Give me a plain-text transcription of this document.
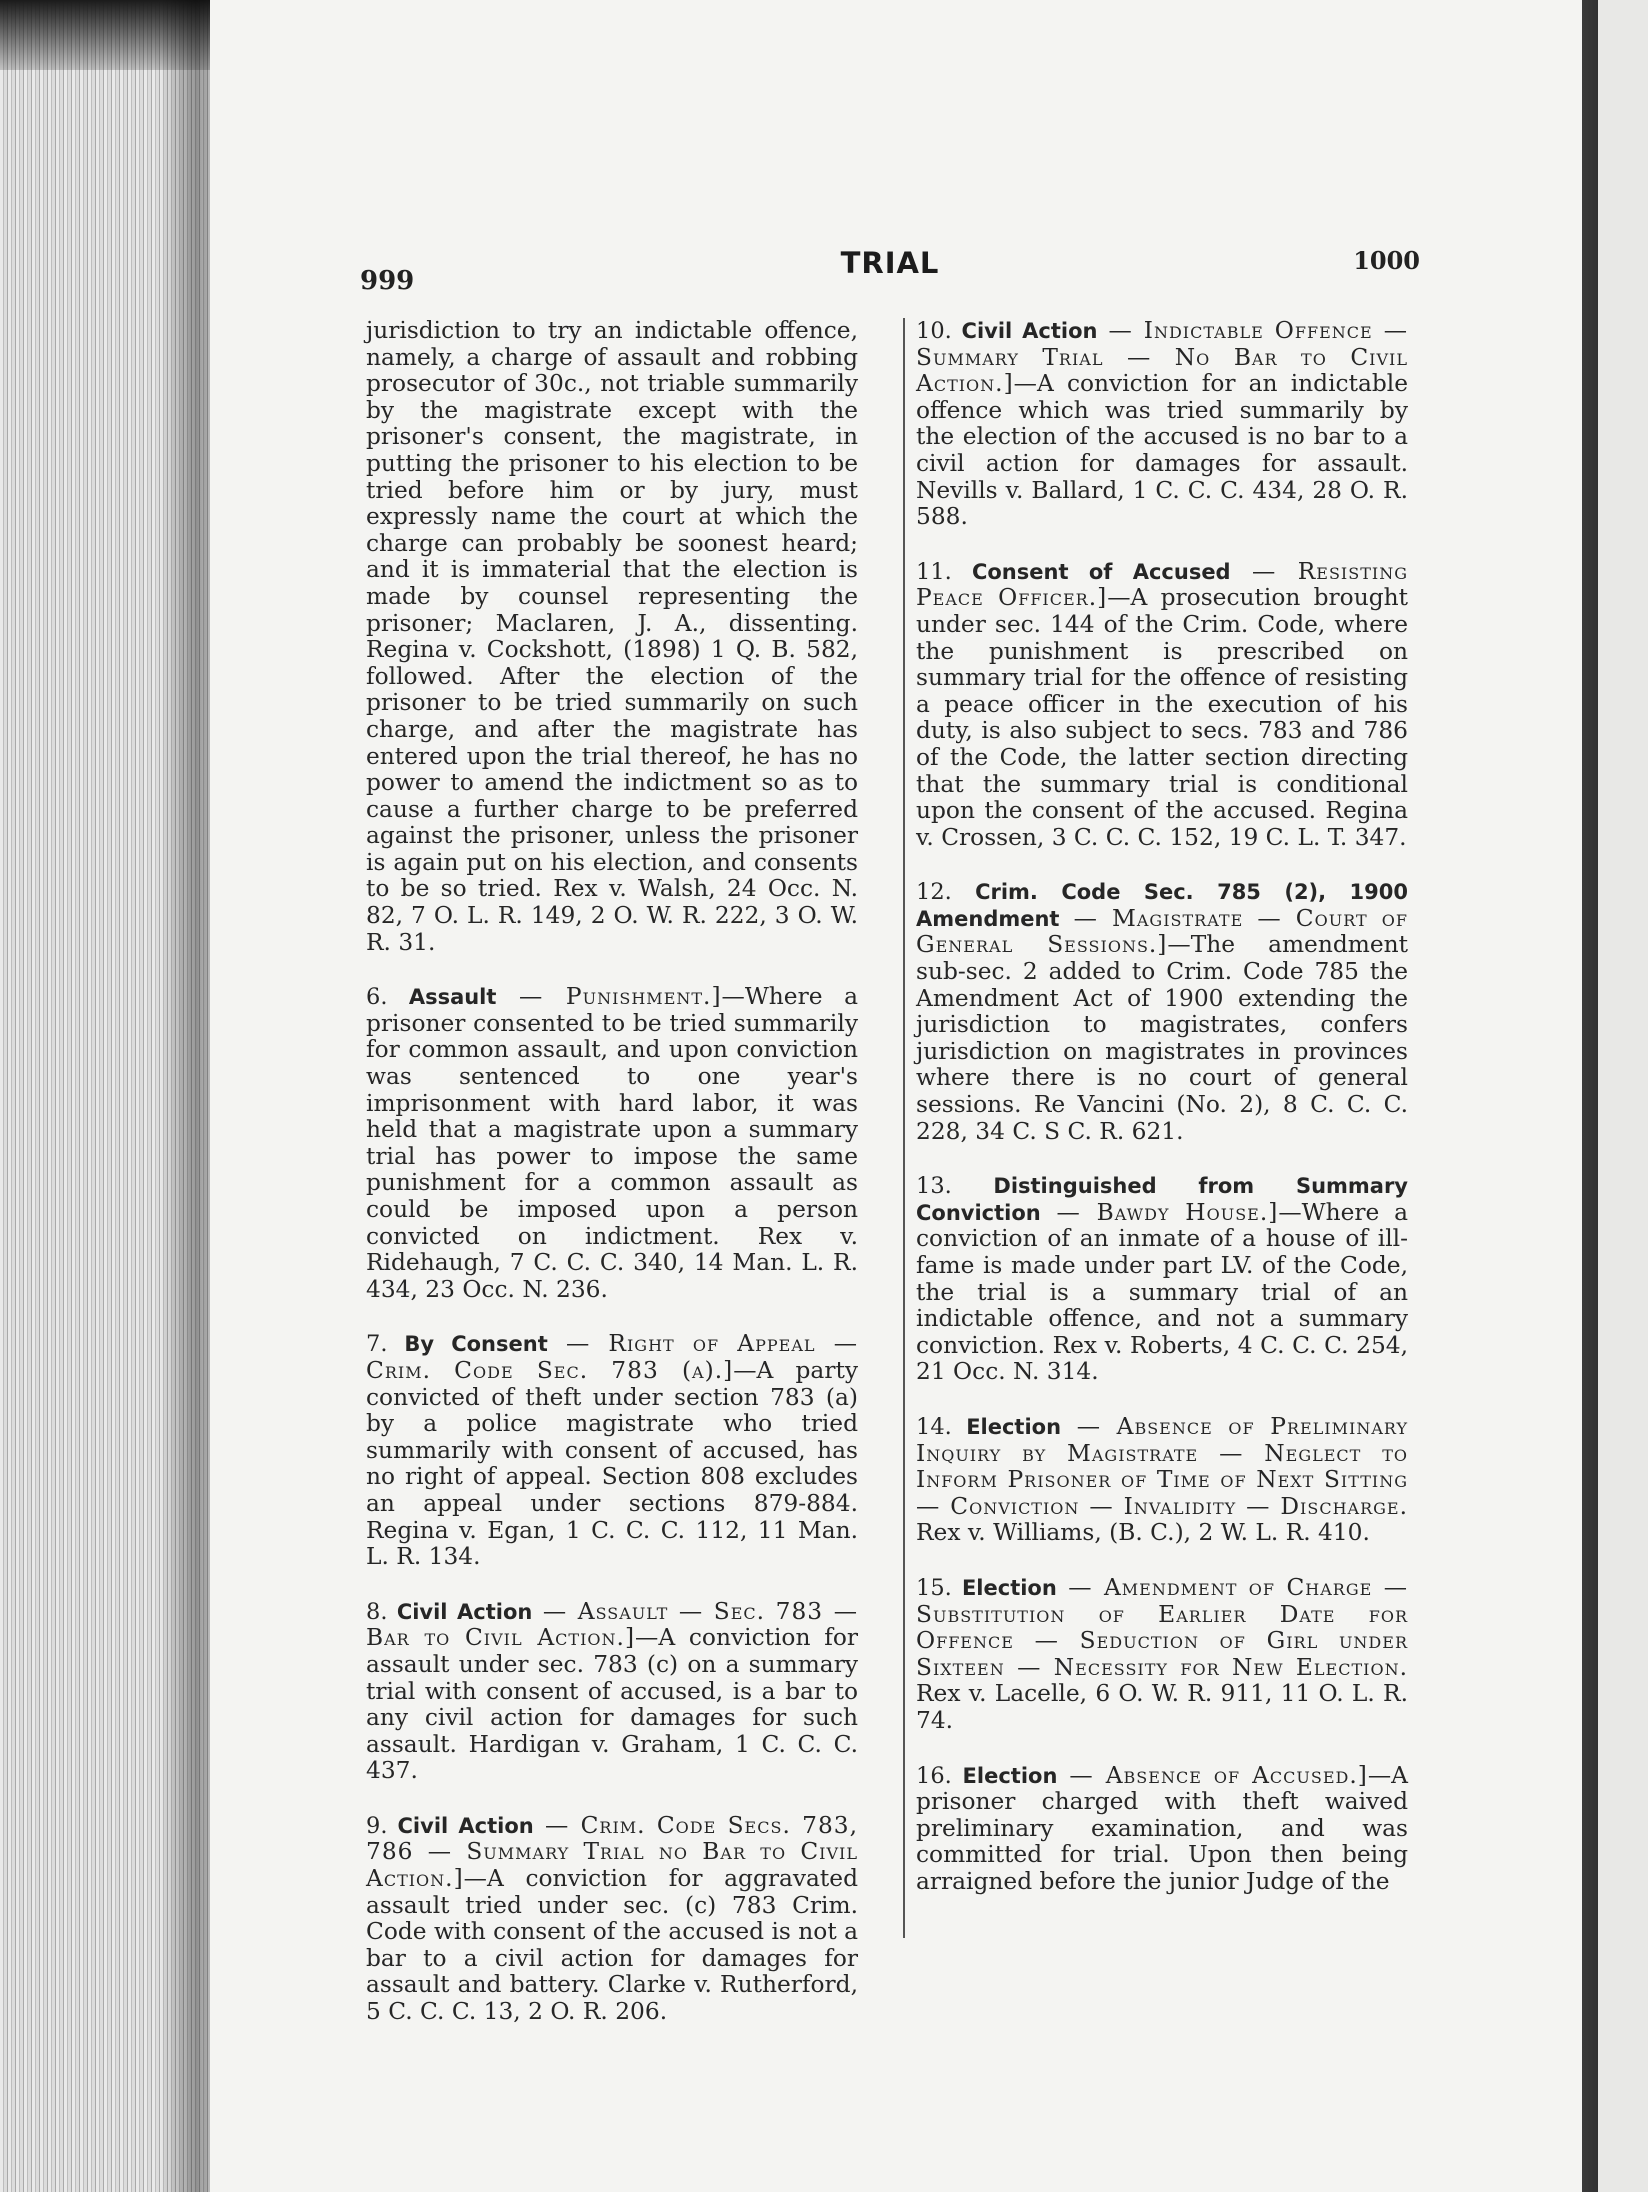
999
TRIAL	1000

jurisdiction to try an indictable offence, namely, a charge of assault and robbing prosecutor of 30c., not triable summarily by the magistrate except with the prisoner's consent, the magistrate, in putting the prisoner to his election to be tried before him or by jury, must expressly name the court at which the charge can probably be soonest heard; and it is immaterial that the election is made by counsel representing the prisoner; Maclaren, J. A., dissenting. Regina v. Cockshott, (1898) 1 Q. B. 582, followed. After the election of the prisoner to be tried summarily on such charge, and after the magistrate has entered upon the trial thereof, he has no power to amend the indictment so as to cause a further charge to be preferred against the prisoner, unless the prisoner is again put on his election, and consents to be so tried. Rex v. Walsh, 24 Occ. N. 82, 7 O. L. R. 149, 2 O. W. R. 222, 3 O. W. R. 31.

6. Assault — Punishment.]—Where a prisoner consented to be tried summarily for common assault, and upon conviction was sentenced to one year's imprisonment with hard labor, it was held that a magistrate upon a summary trial has power to impose the same punishment for a common assault as could be imposed upon a person convicted on indictment. Rex v. Ridehaugh, 7 C. C. C. 340, 14 Man. L. R. 434, 23 Occ. N. 236.

7. By Consent — Right of Appeal — Crim. Code Sec. 783 (a).]—A party convicted of theft under section 783 (a) by a police magistrate who tried summarily with consent of accused, has no right of appeal. Section 808 excludes an appeal under sections 879-884. Regina v. Egan, 1 C. C. C. 112, 11 Man. L. R. 134.

8. Civil Action — Assault — Sec. 783 — Bar to Civil Action.]—A conviction for assault under sec. 783 (c) on a summary trial with consent of accused, is a bar to any civil action for damages for such assault. Hardigan v. Graham, 1 C. C. C. 437.

9. Civil Action — Crim. Code Secs. 783, 786 — Summary Trial no Bar to Civil Action.]—A conviction for aggravated assault tried under sec. (c) 783 Crim. Code with consent of the accused is not a bar to a civil action for damages for assault and battery. Clarke v. Rutherford, 5 C. C. C. 13, 2 O. R. 206.

10. Civil Action — Indictable Offence — Summary Trial — No Bar to Civil Action.]—A conviction for an indictable offence which was tried summarily by the election of the accused is no bar to a civil action for damages for assault. Nevills v. Ballard, 1 C. C. C. 434, 28 O. R. 588.

11. Consent of Accused — Resisting Peace Officer.]—A prosecution brought under sec. 144 of the Crim. Code, where the punishment is prescribed on summary trial for the offence of resisting a peace officer in the execution of his duty, is also subject to secs. 783 and 786 of the Code, the latter section directing that the summary trial is conditional upon the consent of the accused. Regina v. Crossen, 3 C. C. C. 152, 19 C. L. T. 347.

12. Crim. Code Sec. 785 (2), 1900 Amendment — Magistrate — Court of General Sessions.]—The amendment sub-sec. 2 added to Crim. Code 785 the Amendment Act of 1900 extending the jurisdiction to magistrates, confers jurisdiction on magistrates in provinces where there is no court of general sessions. Re Vancini (No. 2), 8 C. C. C. 228, 34 C. S C. R. 621.

13. Distinguished from Summary Conviction — Bawdy House.]—Where a conviction of an inmate of a house of ill-fame is made under part LV. of the Code, the trial is a summary trial of an indictable offence, and not a summary conviction. Rex v. Roberts, 4 C. C. C. 254, 21 Occ. N. 314.

14. Election — Absence of Preliminary Inquiry by Magistrate — Neglect to Inform Prisoner of Time of Next Sitting — Conviction — Invalidity — Discharge. Rex v. Williams, (B. C.), 2 W. L. R. 410.

15. Election — Amendment of Charge — Substitution of Earlier Date for Offence — Seduction of Girl under Sixteen — Necessity for New Election. Rex v. Lacelle, 6 O. W. R. 911, 11 O. L. R. 74.

16. Election — Absence of Accused.]—A prisoner charged with theft waived preliminary examination, and was committed for trial. Upon then being arraigned before the junior Judge of the
